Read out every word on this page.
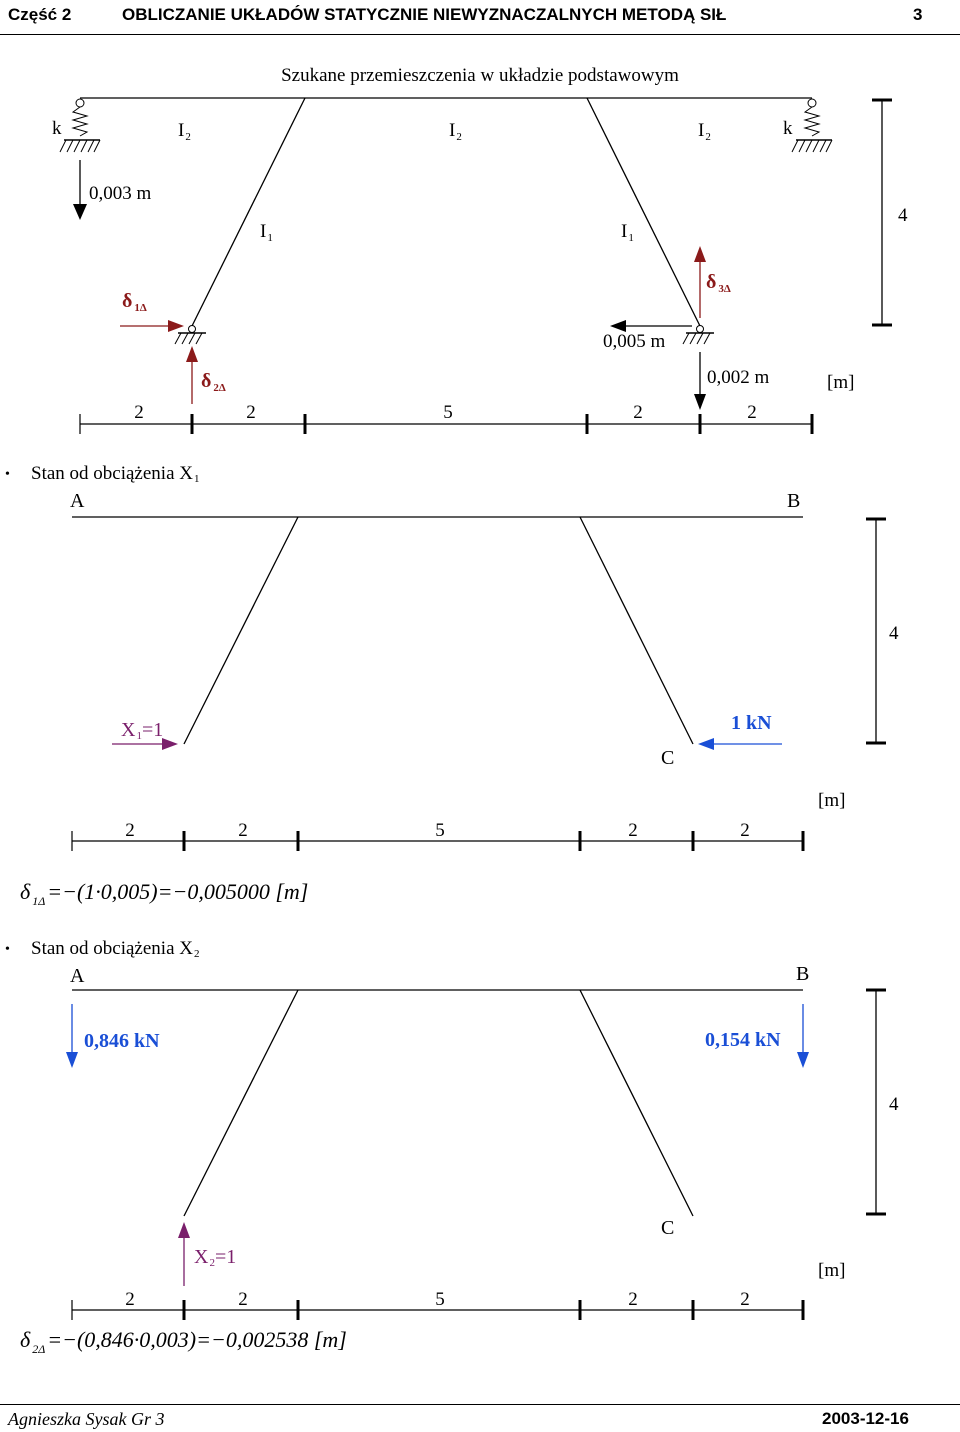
Część 2	OBLICZANIE UKŁADÓW STATYCZNIE NIEWYZNACZALNYCH METODĄ SIŁ	3
Szukane przemieszczenia w układzie podstawowym
k	k
$I_2$	$I_2$	$I_2$
$I_1$	$I_1$
0,003 m
δ $_{1\Delta}$
δ $_{2\Delta}$
δ $_{3\Delta}$
0,005 m
0,002 m
4
[m]
2	2	5	2	2
• Stan od obciążenia X1
A	B
X1=1	1 kN
C
4
[m]
2	2	5	2	2
δ $_{1\Delta}$=−(1·0,005)=−0,005000 [m]
• Stan od obciążenia X2
A	B
0,846 kN	0,154 kN
X2=1
C
4
[m]
2	2	5	2	2
δ $_{2\Delta}$=−(0,846·0,003)=−0,002538 [m]
Agnieszka Sysak Gr 3	2003-12-16
